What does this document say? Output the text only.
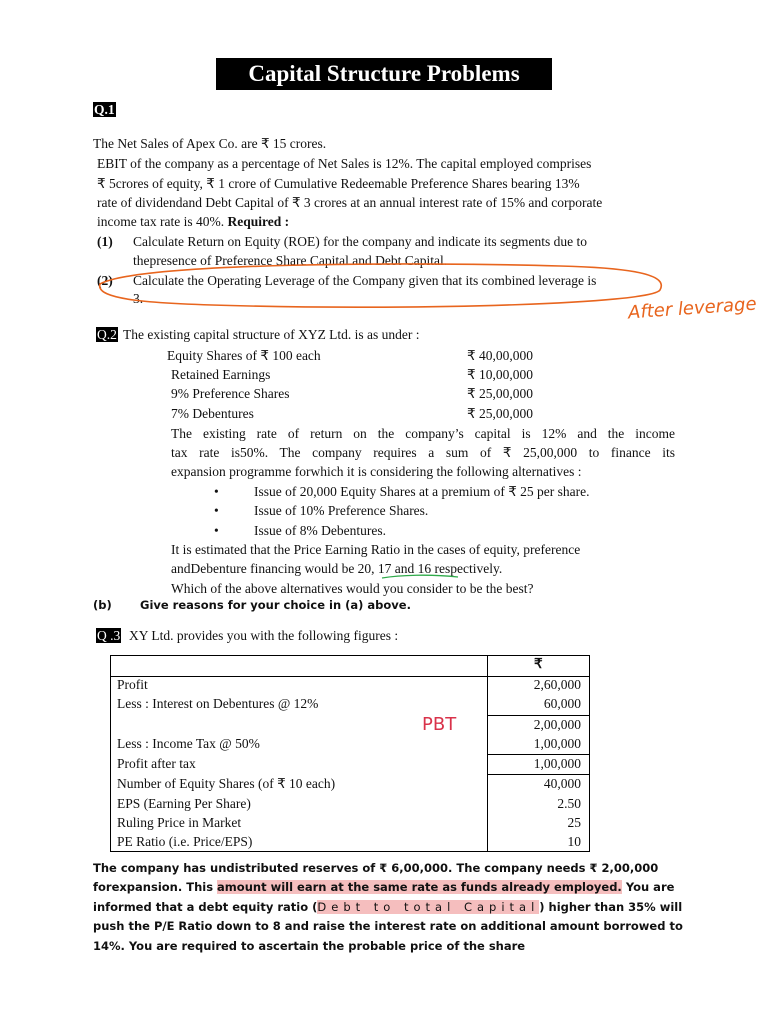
Capital Structure Problems
Q.1
The Net Sales of Apex Co. are ₹ 15 crores.
EBIT of the company as a percentage of Net Sales is 12%. The capital employed comprises
₹ 5crores of equity, ₹ 1 crore of Cumulative Redeemable Preference Shares bearing 13%
rate of dividendand Debt Capital of ₹ 3 crores at an annual interest rate of 15% and corporate
income tax rate is 40%. Required :
(1) Calculate Return on Equity (ROE) for the company and indicate its segments due to
thepresence of Preference Share Capital and Debt Capital.
(2) Calculate the Operating Leverage of the Company given that its combined leverage is
3.	After leverage
Q.2 The existing capital structure of XYZ Ltd. is as under :
Equity Shares of ₹ 100 each	₹ 40,00,000
Retained Earnings	₹ 10,00,000
9% Preference Shares	₹ 25,00,000
7% Debentures	₹ 25,00,000
The existing rate of return on the company’s capital is 12% and the income
tax rate is50%. The company requires a sum of ₹ 25,00,000 to finance its
expansion programme forwhich it is considering the following alternatives :
•	Issue of 20,000 Equity Shares at a premium of ₹ 25 per share.
•	Issue of 10% Preference Shares.
•	Issue of 8% Debentures.
It is estimated that the Price Earning Ratio in the cases of equity, preference
andDebenture financing would be 20, 17 and 16 respectively.
Which of the above alternatives would you consider to be the best?
(b) Give reasons for your choice in (a) above.
Q .3 XY Ltd. provides you with the following figures :
₹
Profit	2,60,000
Less : Interest on Debentures @ 12%	60,000
2,00,000
Less : Income Tax @ 50%	1,00,000
Profit after tax	1,00,000
Number of Equity Shares (of ₹ 10 each)	40,000
EPS (Earning Per Share)	2.50
Ruling Price in Market	25
PE Ratio (i.e. Price/EPS)	10
PBT
The company has undistributed reserves of ₹ 6,00,000. The company needs ₹ 2,00,000
forexpansion. This amount will earn at the same rate as funds already employed. You are
informed that a debt equity ratio (Debt to total Capital) higher than 35% will
push the P/E Ratio down to 8 and raise the interest rate on additional amount borrowed to
14%. You are required to ascertain the probable price of the share
